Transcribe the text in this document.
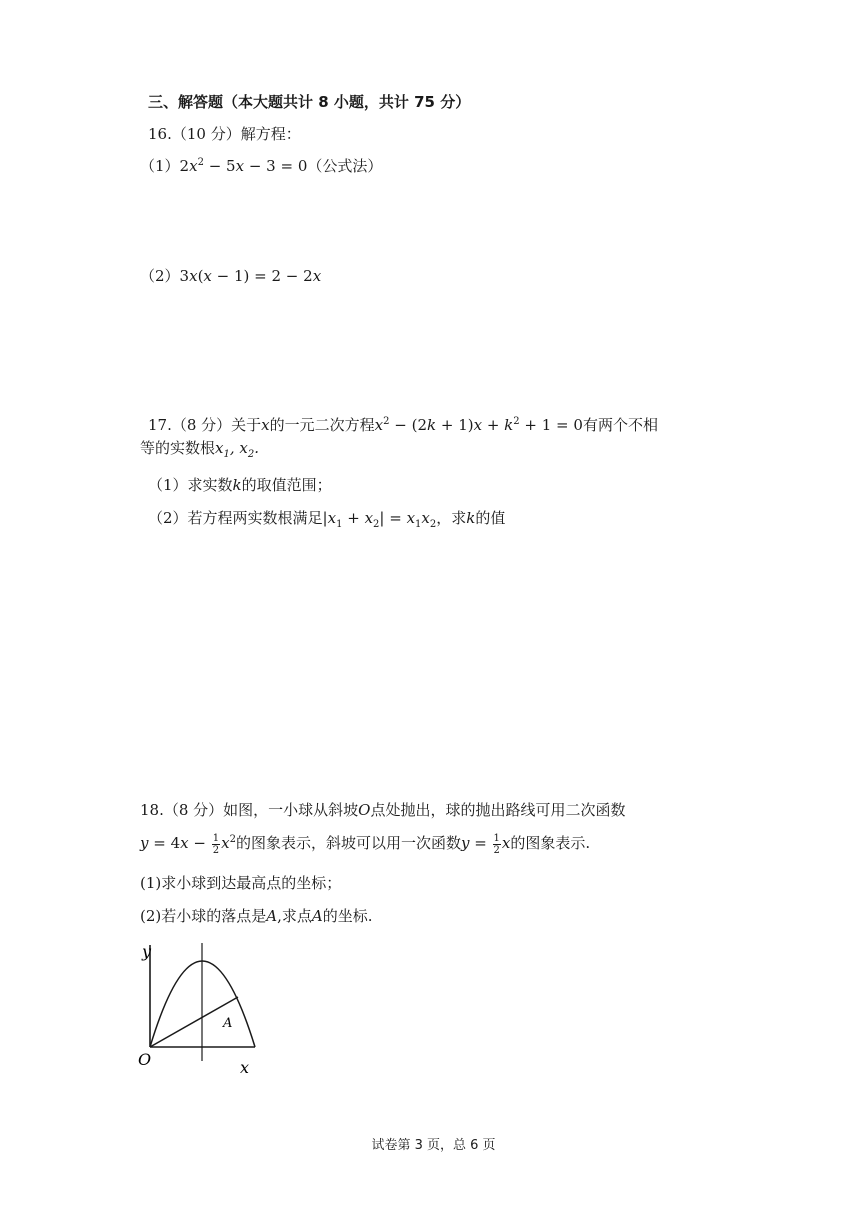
三、解答题（本大题共计 8 小题，共计 75 分）
16.（10 分）解方程：
$(1)2x^2 - 5x - 3 = 0$（公式法）
（2）3x(x − 1) = 2 − 2x
17.（8 分）关于x的一元二次方程$x^2 - (2k + 1)x + k^2 + 1 = 0$有两个不相
等的实数根$x_1$, $x_2$.
（1）求实数k的取值范围；
（2）若方程两实数根满足$|x_1 + x_2| = x_1x_2$，求k的值
18.（8 分）如图，一小球从斜坡O点处抛出，球的抛出路线可用二次函数
$y = 4x - \frac{1}{2} x^2$的图象表示，斜坡可以用一次函数$y = \frac{1}{2}$ x的图象表示.
(1)求小球到达最高点的坐标；
(2)若小球的落点是A,求点A的坐标.
y
x
O
A
试卷第 3 页，总 6 页
